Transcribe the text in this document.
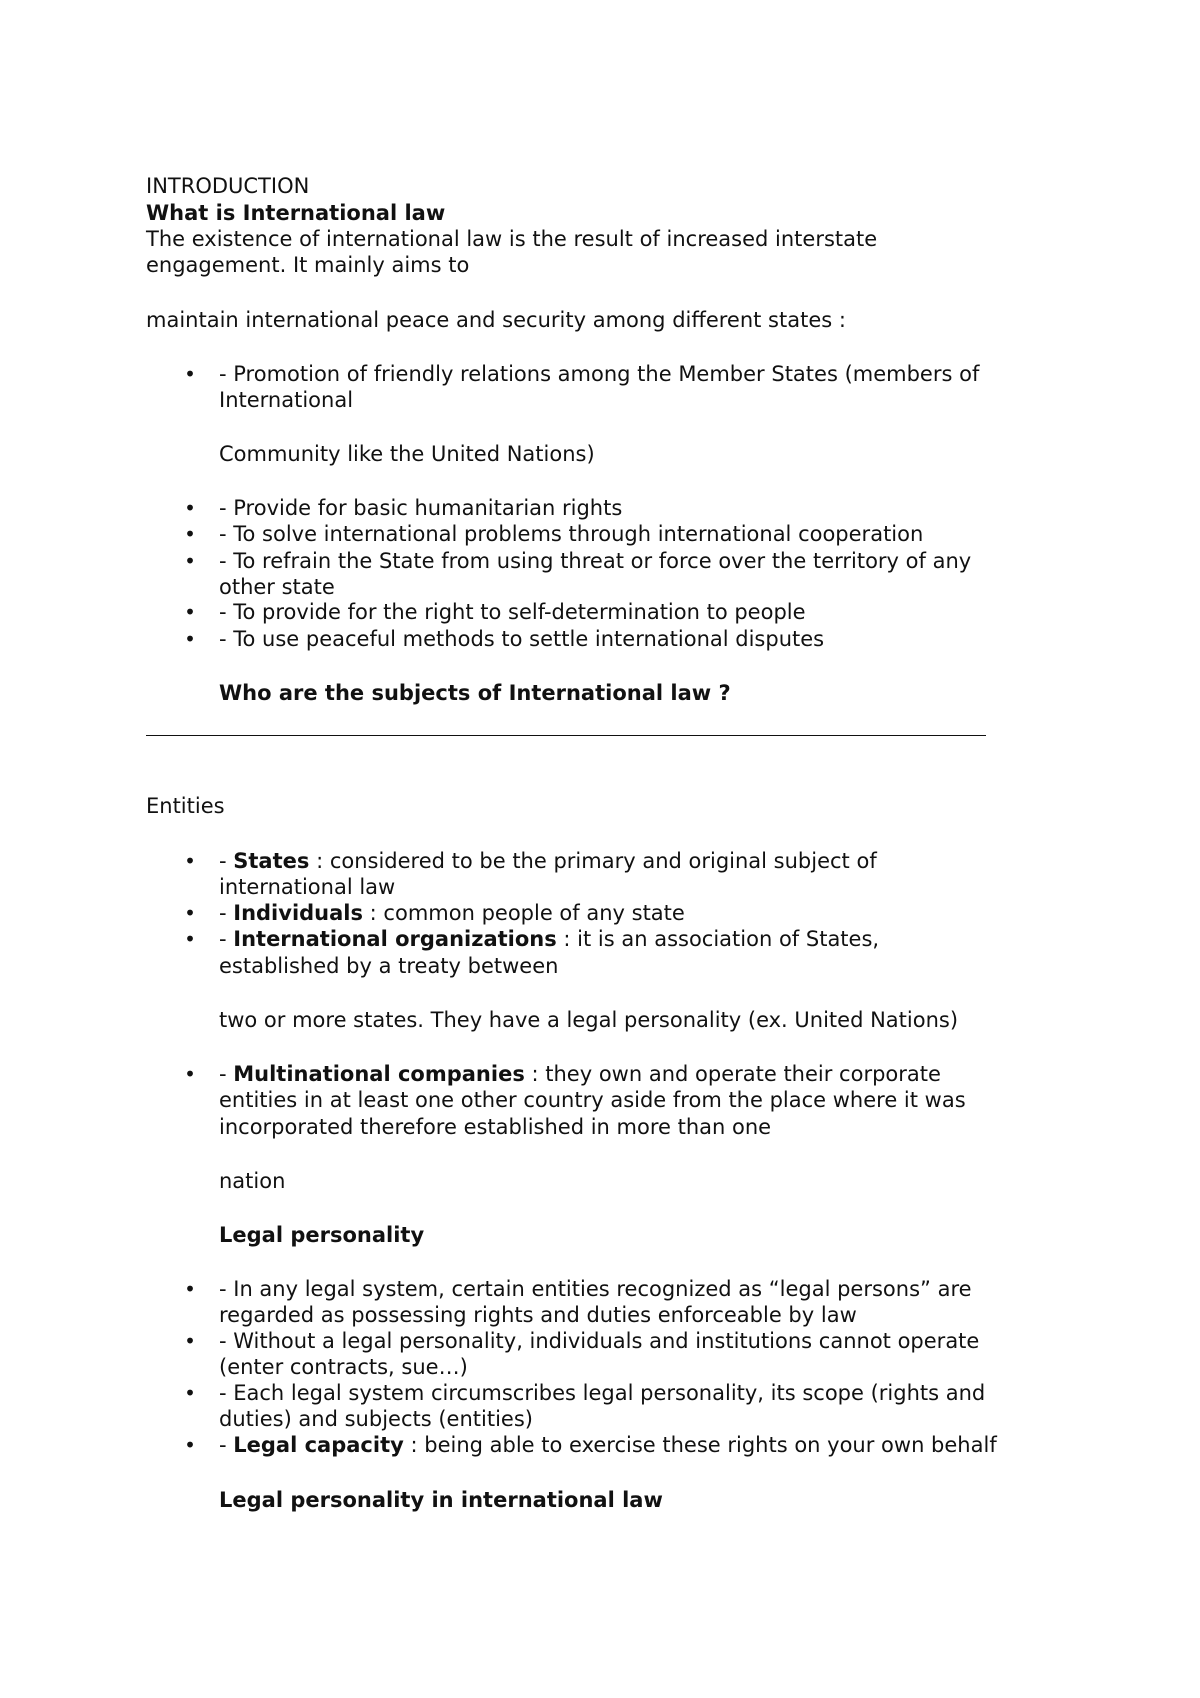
INTRODUCTION
What is International law
The existence of international law is the result of increased interstate
engagement. It mainly aims to
maintain international peace and security among different states :
• - Promotion of friendly relations among the Member States (members of
International
Community like the United Nations)
• - Provide for basic humanitarian rights
• - To solve international problems through international cooperation
• - To refrain the State from using threat or force over the territory of any
other state
• - To provide for the right to self-determination to people
• - To use peaceful methods to settle international disputes
Who are the subjects of International law ?
Entities
• - States : considered to be the primary and original subject of
international law
• - Individuals : common people of any state
• - International organizations : it is an association of States,
established by a treaty between
two or more states. They have a legal personality (ex. United Nations)
• - Multinational companies : they own and operate their corporate
entities in at least one other country aside from the place where it was
incorporated therefore established in more than one
nation
Legal personality
• - In any legal system, certain entities recognized as “legal persons” are
regarded as possessing rights and duties enforceable by law
• - Without a legal personality, individuals and institutions cannot operate
(enter contracts, sue…)
• - Each legal system circumscribes legal personality, its scope (rights and
duties) and subjects (entities)
• - Legal capacity : being able to exercise these rights on your own behalf
Legal personality in international law
